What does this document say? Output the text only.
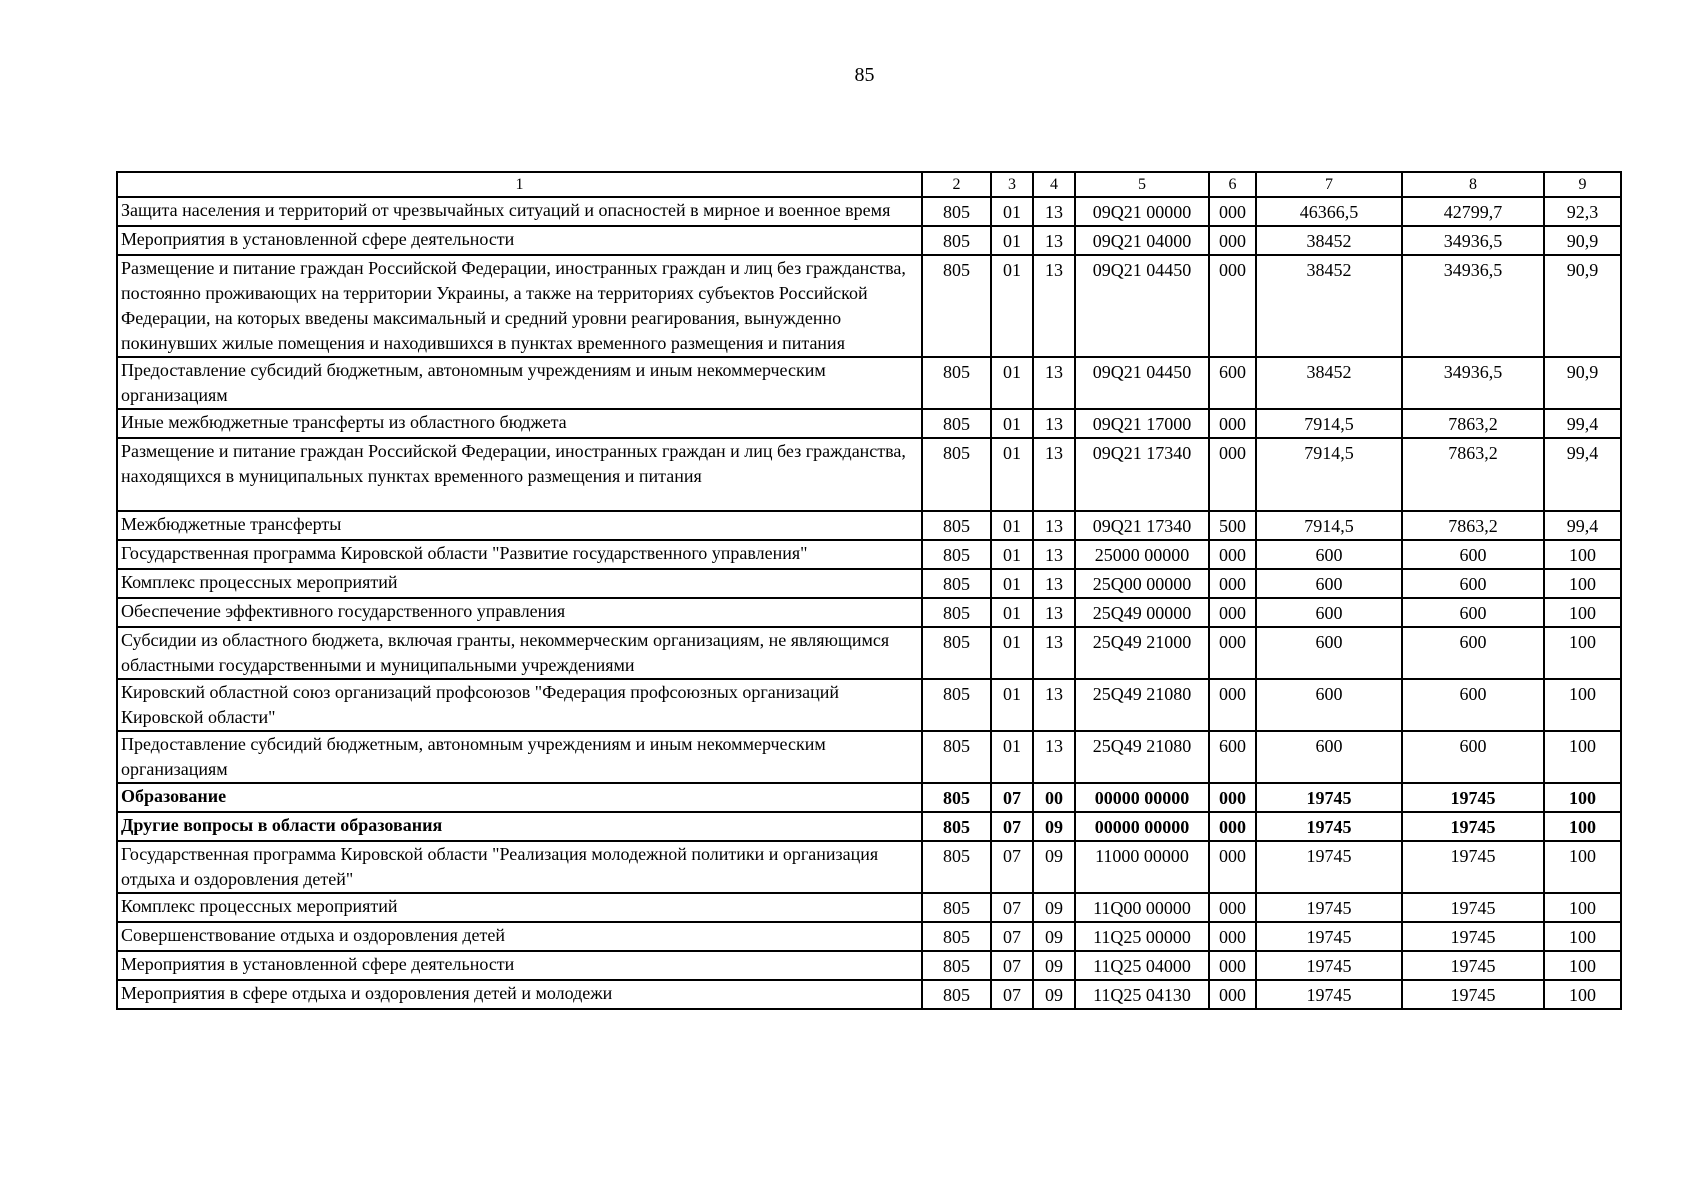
85
1	2	3	4	5	6	7	8	9
Защита населения и территорий от чрезвычайных ситуаций и опасностей в мирное и военное время	805	01	13	09Q21 00000	000	46366,5	42799,7	92,3
Мероприятия в установленной сфере деятельности	805	01	13	09Q21 04000	000	38452	34936,5	90,9
Размещение и питание граждан Российской Федерации, иностранных граждан и лиц без гражданства, постоянно проживающих на территории Украины, а также на территориях субъектов Российской Федерации, на которых введены максимальный и средний уровни реагирования, вынужденно покинувших жилые помещения и находившихся в пунктах временного размещения и питания	805	01	13	09Q21 04450	000	38452	34936,5	90,9
Предоставление субсидий бюджетным, автономным учреждениям и иным некоммерческим организациям	805	01	13	09Q21 04450	600	38452	34936,5	90,9
Иные межбюджетные трансферты из областного бюджета	805	01	13	09Q21 17000	000	7914,5	7863,2	99,4
Размещение и питание граждан Российской Федерации, иностранных граждан и лиц без гражданства, находящихся в муниципальных пунктах временного размещения и питания	805	01	13	09Q21 17340	000	7914,5	7863,2	99,4
Межбюджетные трансферты	805	01	13	09Q21 17340	500	7914,5	7863,2	99,4
Государственная программа Кировской области "Развитие государственного управления"	805	01	13	25000 00000	000	600	600	100
Комплекс процессных мероприятий	805	01	13	25Q00 00000	000	600	600	100
Обеспечение эффективного государственного управления	805	01	13	25Q49 00000	000	600	600	100
Субсидии из областного бюджета, включая гранты, некоммерческим организациям, не являющимся областными государственными и муниципальными учреждениями	805	01	13	25Q49 21000	000	600	600	100
Кировский областной союз организаций профсоюзов "Федерация профсоюзных организаций Кировской области"	805	01	13	25Q49 21080	000	600	600	100
Предоставление субсидий бюджетным, автономным учреждениям и иным некоммерческим организациям	805	01	13	25Q49 21080	600	600	600	100
Образование	805	07	00	00000 00000	000	19745	19745	100
Другие вопросы в области образования	805	07	09	00000 00000	000	19745	19745	100
Государственная программа Кировской области "Реализация молодежной политики и организация отдыха и оздоровления детей"	805	07	09	11000 00000	000	19745	19745	100
Комплекс процессных мероприятий	805	07	09	11Q00 00000	000	19745	19745	100
Совершенствование отдыха и оздоровления детей	805	07	09	11Q25 00000	000	19745	19745	100
Мероприятия в установленной сфере деятельности	805	07	09	11Q25 04000	000	19745	19745	100
Мероприятия в сфере отдыха и оздоровления детей и молодежи	805	07	09	11Q25 04130	000	19745	19745	100
